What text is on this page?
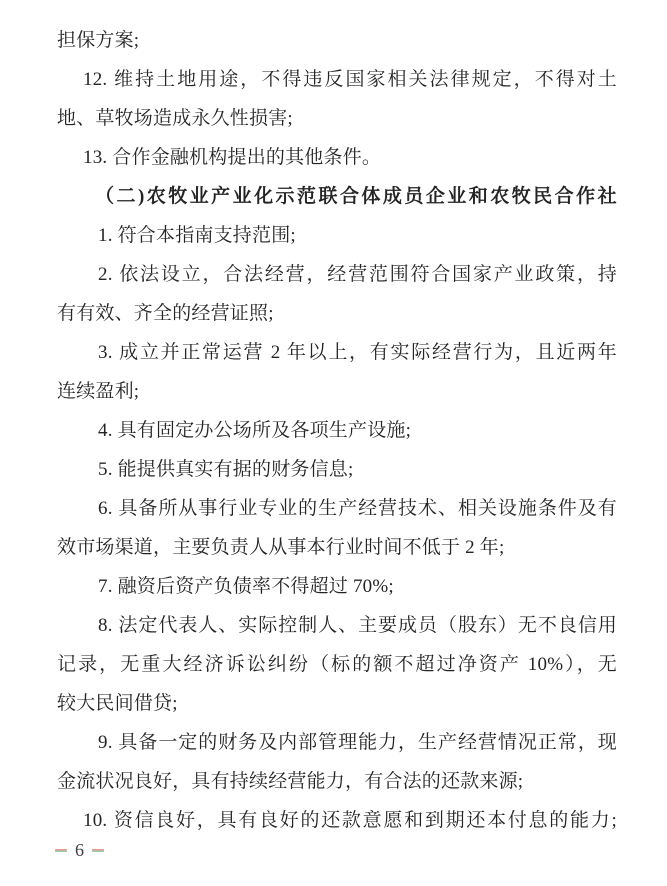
担保方案;
12. 维持土地用途，不得违反国家相关法律规定，不得对土
地、草牧场造成永久性损害;
13. 合作金融机构提出的其他条件。
（二)农牧业产业化示范联合体成员企业和农牧民合作社
1. 符合本指南支持范围;
2. 依法设立，合法经营，经营范围符合国家产业政策，持
有有效、齐全的经营证照;
3. 成立并正常运营 2 年以上，有实际经营行为，且近两年
连续盈利;
4. 具有固定办公场所及各项生产设施;
5. 能提供真实有据的财务信息;
6. 具备所从事行业专业的生产经营技术、相关设施条件及有
效市场渠道，主要负责人从事本行业时间不低于 2 年;
7. 融资后资产负债率不得超过 70%;
8. 法定代表人、实际控制人、主要成员（股东）无不良信用
记录，无重大经济诉讼纠纷（标的额不超过净资产 10%），无
较大民间借贷;
9. 具备一定的财务及内部管理能力，生产经营情况正常，现
金流状况良好，具有持续经营能力，有合法的还款来源;
10. 资信良好，具有良好的还款意愿和到期还本付息的能力;
6
